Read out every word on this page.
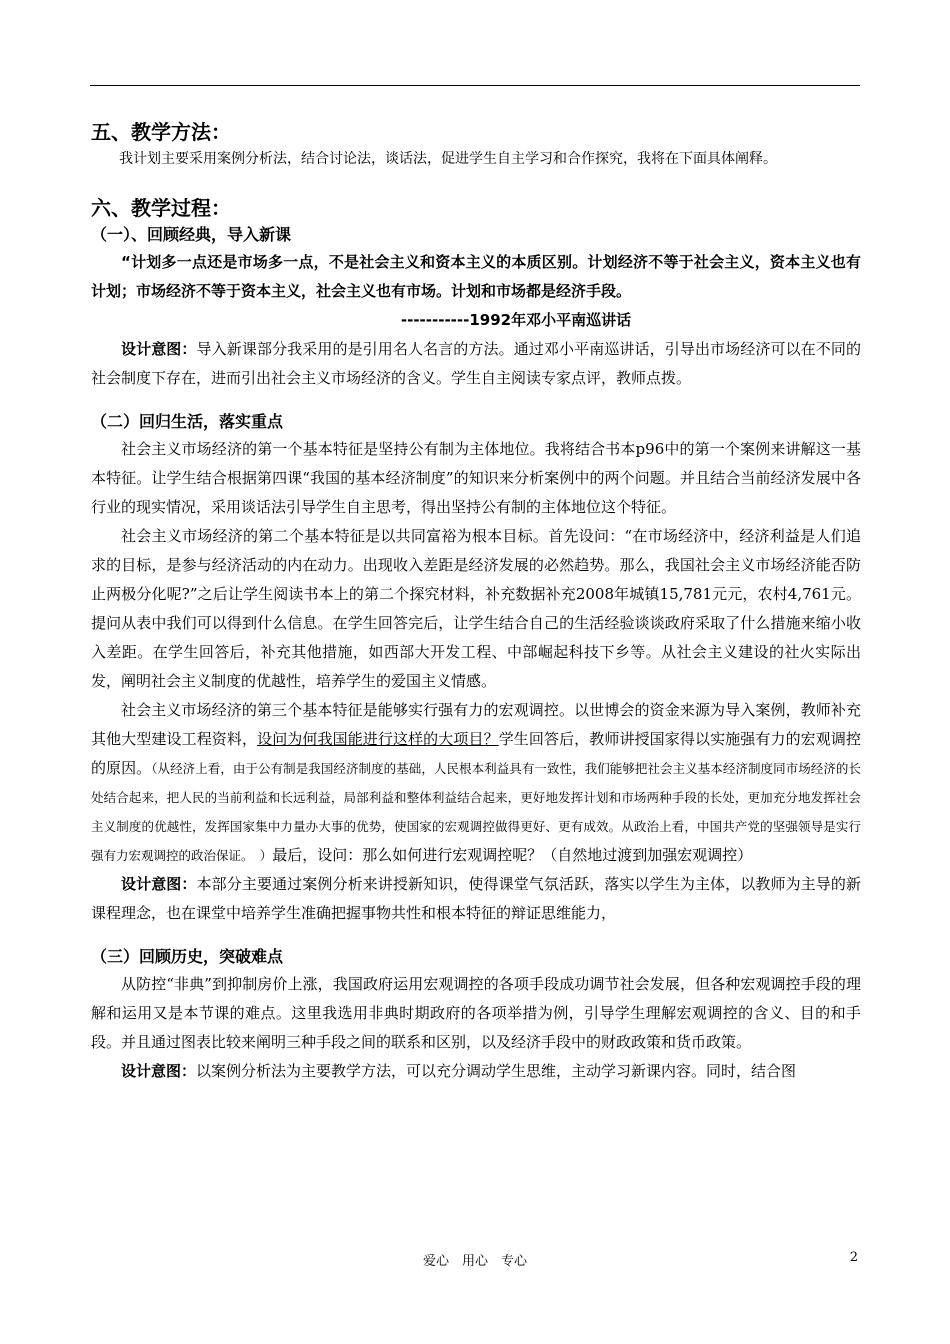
五、教学方法：

我计划主要采用案例分析法，结合讨论法，谈话法，促进学生自主学习和合作探究，我将在下面具体阐释。

六、教学过程：

（一）、回顾经典，导入新课

“计划多一点还是市场多一点，不是社会主义和资本主义的本质区别。计划经济不等于社会主义，资本主义也有计划；市场经济不等于资本主义，社会主义也有市场。计划和市场都是经济手段。

-----------1992年邓小平南巡讲话

设计意图：导入新课部分我采用的是引用名人名言的方法。通过邓小平南巡讲话，引导出市场经济可以在不同的社会制度下存在，进而引出社会主义市场经济的含义。学生自主阅读专家点评，教师点拨。

（二）回归生活，落实重点

社会主义市场经济的第一个基本特征是坚持公有制为主体地位。我将结合书本p96中的第一个案例来讲解这一基本特征。让学生结合根据第四课“我国的基本经济制度”的知识来分析案例中的两个问题。并且结合当前经济发展中各行业的现实情况，采用谈话法引导学生自主思考，得出坚持公有制的主体地位这个特征。

社会主义市场经济的第二个基本特征是以共同富裕为根本目标。首先设问：“在市场经济中，经济利益是人们追求的目标，是参与经济活动的内在动力。出现收入差距是经济发展的必然趋势。那么，我国社会主义市场经济能否防止两极分化呢?”之后让学生阅读书本上的第二个探究材料，补充数据补充2008年城镇15,781元元，农村4,761元。提问从表中我们可以得到什么信息。在学生回答完后，让学生结合自己的生活经验谈谈政府采取了什么措施来缩小收入差距。在学生回答后，补充其他措施，如西部大开发工程、中部崛起科技下乡等。从社会主义建设的社火实际出发，阐明社会主义制度的优越性，培养学生的爱国主义情感。

社会主义市场经济的第三个基本特征是能够实行强有力的宏观调控。以世博会的资金来源为导入案例，教师补充其他大型建设工程资料，设问为何我国能进行这样的大项目？学生回答后，教师讲授国家得以实施强有力的宏观调控的原因。（从经济上看，由于公有制是我国经济制度的基础，人民根本利益具有一致性，我们能够把社会主义基本经济制度同市场经济的长处结合起来，把人民的当前利益和长远利益，局部利益和整体利益结合起来，更好地发挥计划和市场两种手段的长处，更加充分地发挥社会主义制度的优越性，发挥国家集中力量办大事的优势，使国家的宏观调控做得更好、更有成效。从政治上看，中国共产党的坚强领导是实行强有力宏观调控的政治保证。　）最后，设问：那么如何进行宏观调控呢？（自然地过渡到加强宏观调控）

设计意图：本部分主要通过案例分析来讲授新知识，使得课堂气氛活跃，落实以学生为主体，以教师为主导的新课程理念，也在课堂中培养学生准确把握事物共性和根本特征的辩证思维能力，

（三）回顾历史，突破难点

从防控“非典”到抑制房价上涨，我国政府运用宏观调控的各项手段成功调节社会发展，但各种宏观调控手段的理解和运用又是本节课的难点。这里我选用非典时期政府的各项举措为例，引导学生理解宏观调控的含义、目的和手段。并且通过图表比较来阐明三种手段之间的联系和区别，以及经济手段中的财政政策和货币政策。

设计意图：以案例分析法为主要教学方法，可以充分调动学生思维，主动学习新课内容。同时，结合图

爱心　用心　专心	2
